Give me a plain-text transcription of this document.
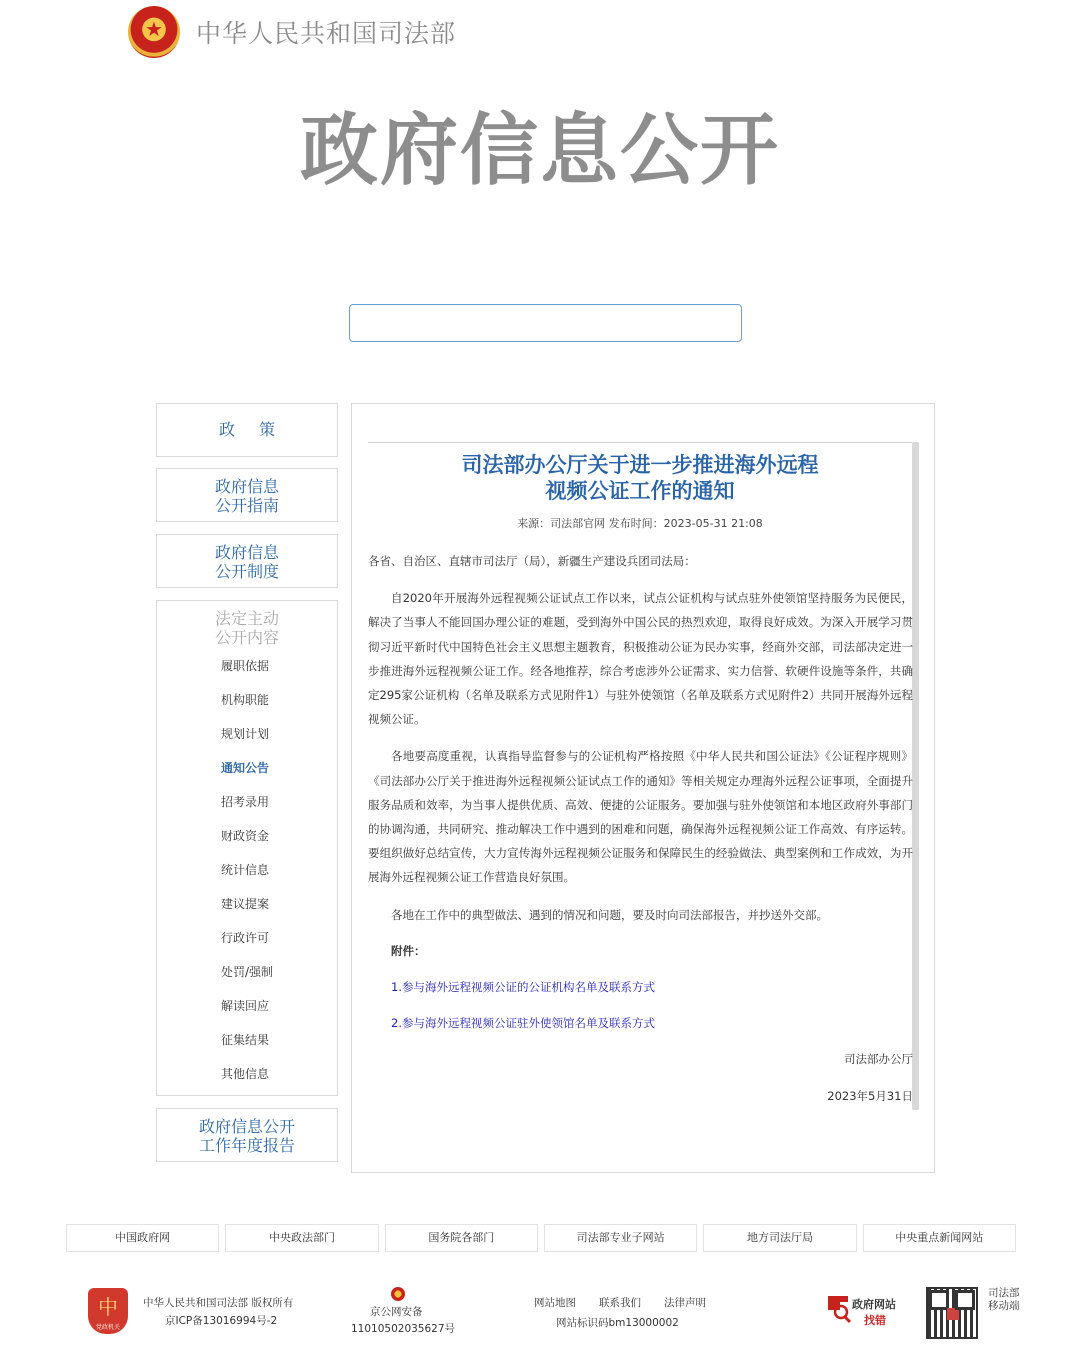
★
中华人民共和国司法部
政府信息公开
政策
政府信息
公开指南
政府信息
公开制度
法定主动
公开内容
履职依据
机构职能
规划计划
通知公告
招考录用
财政资金
统计信息
建议提案
行政许可
处罚/强制
解读回应
征集结果
其他信息
政府信息公开
工作年度报告
司法部办公厅关于进一步推进海外远程
视频公证工作的通知
来源：司法部官网 发布时间：2023-05-31 21:08

各省、自治区、直辖市司法厅（局），新疆生产建设兵团司法局：

自2020年开展海外远程视频公证试点工作以来，试点公证机构与试点驻外使领馆坚持服务为民便民，解决了当事人不能回国办理公证的难题，受到海外中国公民的热烈欢迎，取得良好成效。为深入开展学习贯彻习近平新时代中国特色社会主义思想主题教育，积极推动公证为民办实事，经商外交部，司法部决定进一步推进海外远程视频公证工作。经各地推荐，综合考虑涉外公证需求、实力信誉、软硬件设施等条件，共确定295家公证机构（名单及联系方式见附件1）与驻外使领馆（名单及联系方式见附件2）共同开展海外远程视频公证。

各地要高度重视，认真指导监督参与的公证机构严格按照《中华人民共和国公证法》《公证程序规则》《司法部办公厅关于推进海外远程视频公证试点工作的通知》等相关规定办理海外远程公证事项，全面提升服务品质和效率，为当事人提供优质、高效、便捷的公证服务。要加强与驻外使领馆和本地区政府外事部门的协调沟通，共同研究、推动解决工作中遇到的困难和问题，确保海外远程视频公证工作高效、有序运转。要组织做好总结宣传，大力宣传海外远程视频公证服务和保障民生的经验做法、典型案例和工作成效，为开展海外远程视频公证工作营造良好氛围。

各地在工作中的典型做法、遇到的情况和问题，要及时向司法部报告，并抄送外交部。

附件：

1.参与海外远程视频公证的公证机构名单及联系方式
2.参与海外远程视频公证驻外使领馆名单及联系方式

司法部办公厅

2023年5月31日

中国政府网	中央政法部门	国务院各部门	司法部专业子网站	地方司法厅局	中央重点新闻网站
中
党政机关
中华人民共和国司法部 版权所有
京ICP备13016994号-2
京公网安备
11010502035627号
网站地图 联系我们 法律声明
网站标识码bm13000002
政府网站
找错
司法部移动端
